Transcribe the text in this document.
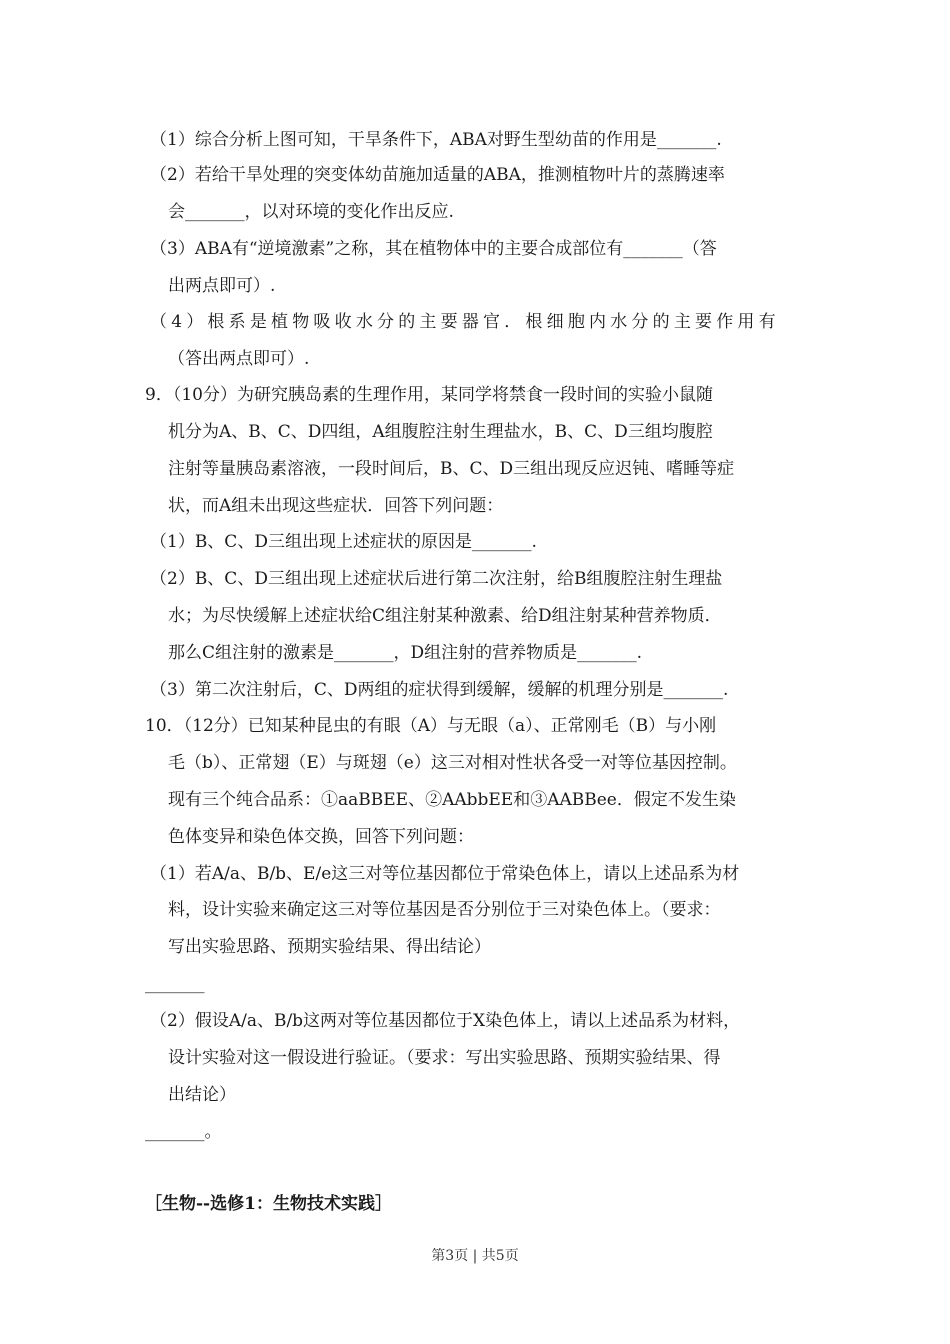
（1）综合分析上图可知，干旱条件下，ABA对野生型幼苗的作用是_______.
（2）若给干旱处理的突变体幼苗施加适量的ABA，推测植物叶片的蒸腾速率
会_______，以对环境的变化作出反应.
（3）ABA有“逆境激素”之称，其在植物体中的主要合成部位有_______（答
出两点即可）.
（4）根系是植物吸收水分的主要器官．根细胞内水分的主要作用有
（答出两点即可）.
9．（10分）为研究胰岛素的生理作用，某同学将禁食一段时间的实验小鼠随
机分为A、B、C、D四组，A组腹腔注射生理盐水，B、C、D三组均腹腔
注射等量胰岛素溶液，一段时间后，B、C、D三组出现反应迟钝、嗜睡等症
状，而A组未出现这些症状．回答下列问题：
（1）B、C、D三组出现上述症状的原因是_______.
（2）B、C、D三组出现上述症状后进行第二次注射，给B组腹腔注射生理盐
水；为尽快缓解上述症状给C组注射某种激素、给D组注射某种营养物质．
那么C组注射的激素是_______，D组注射的营养物质是_______.
（3）第二次注射后，C、D两组的症状得到缓解，缓解的机理分别是_______.
10．（12分）已知某种昆虫的有眼（A）与无眼（a）、正常刚毛（B）与小刚
毛（b）、正常翅（E）与斑翅（e）这三对相对性状各受一对等位基因控制。
现有三个纯合品系：①aaBBEE、②AAbbEE和③AABBee．假定不发生染
色体变异和染色体交换，回答下列问题：
（1）若A/a、B/b、E/e这三对等位基因都位于常染色体上，请以上述品系为材
料，设计实验来确定这三对等位基因是否分别位于三对染色体上。（要求：
写出实验思路、预期实验结果、得出结论）
_______
（2）假设A/a、B/b这两对等位基因都位于X染色体上，请以上述品系为材料，
设计实验对这一假设进行验证。（要求：写出实验思路、预期实验结果、得
出结论）
_______。
［生物--选修1：生物技术实践］
第3页 | 共5页
